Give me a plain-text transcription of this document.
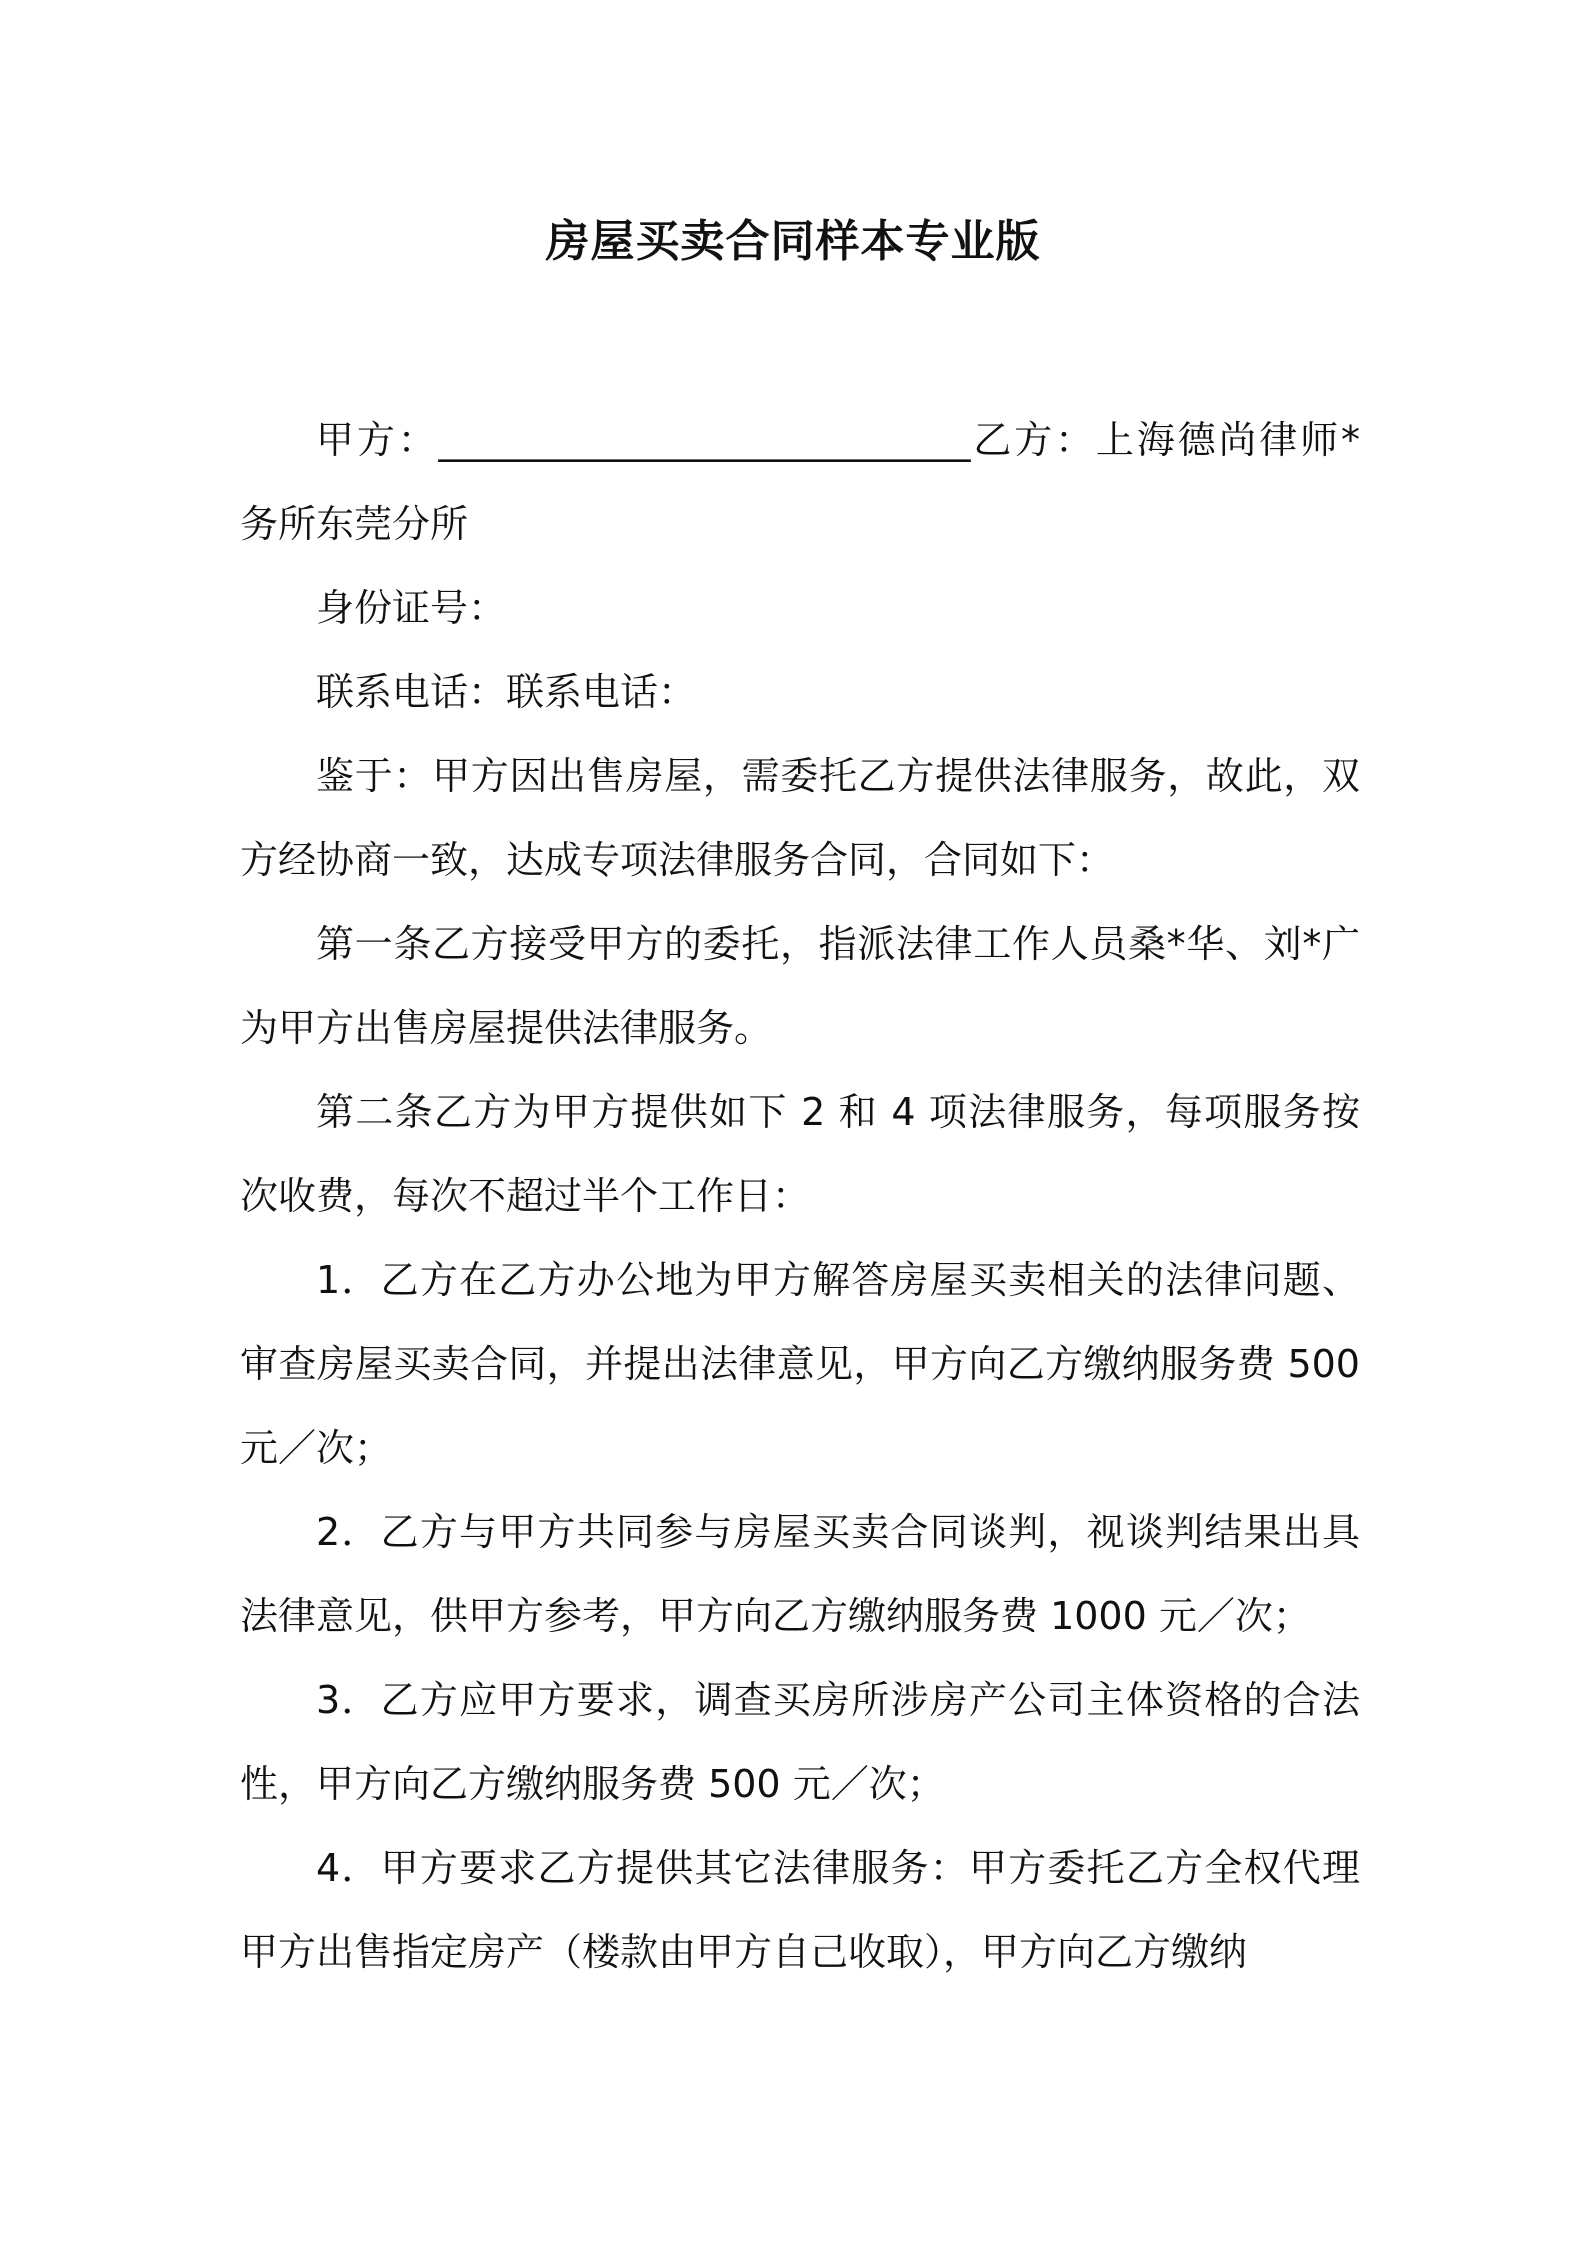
房屋买卖合同样本专业版

甲方：____________________________乙方：上海德尚律师*务所东莞分所

身份证号：

联系电话：联系电话：

鉴于：甲方因出售房屋，需委托乙方提供法律服务，故此，双方经协商一致，达成专项法律服务合同，合同如下：

第一条乙方接受甲方的委托，指派法律工作人员桑*华、刘*广为甲方出售房屋提供法律服务。

第二条乙方为甲方提供如下 2 和 4 项法律服务，每项服务按次收费，每次不超过半个工作日：

1．乙方在乙方办公地为甲方解答房屋买卖相关的法律问题、审查房屋买卖合同，并提出法律意见，甲方向乙方缴纳服务费 500 元／次；

2．乙方与甲方共同参与房屋买卖合同谈判，视谈判结果出具法律意见，供甲方参考，甲方向乙方缴纳服务费 1000 元／次；

3．乙方应甲方要求，调查买房所涉房产公司主体资格的合法性，甲方向乙方缴纳服务费 500 元／次；

4．甲方要求乙方提供其它法律服务：甲方委托乙方全权代理甲方出售指定房产（楼款由甲方自己收取），甲方向乙方缴纳
